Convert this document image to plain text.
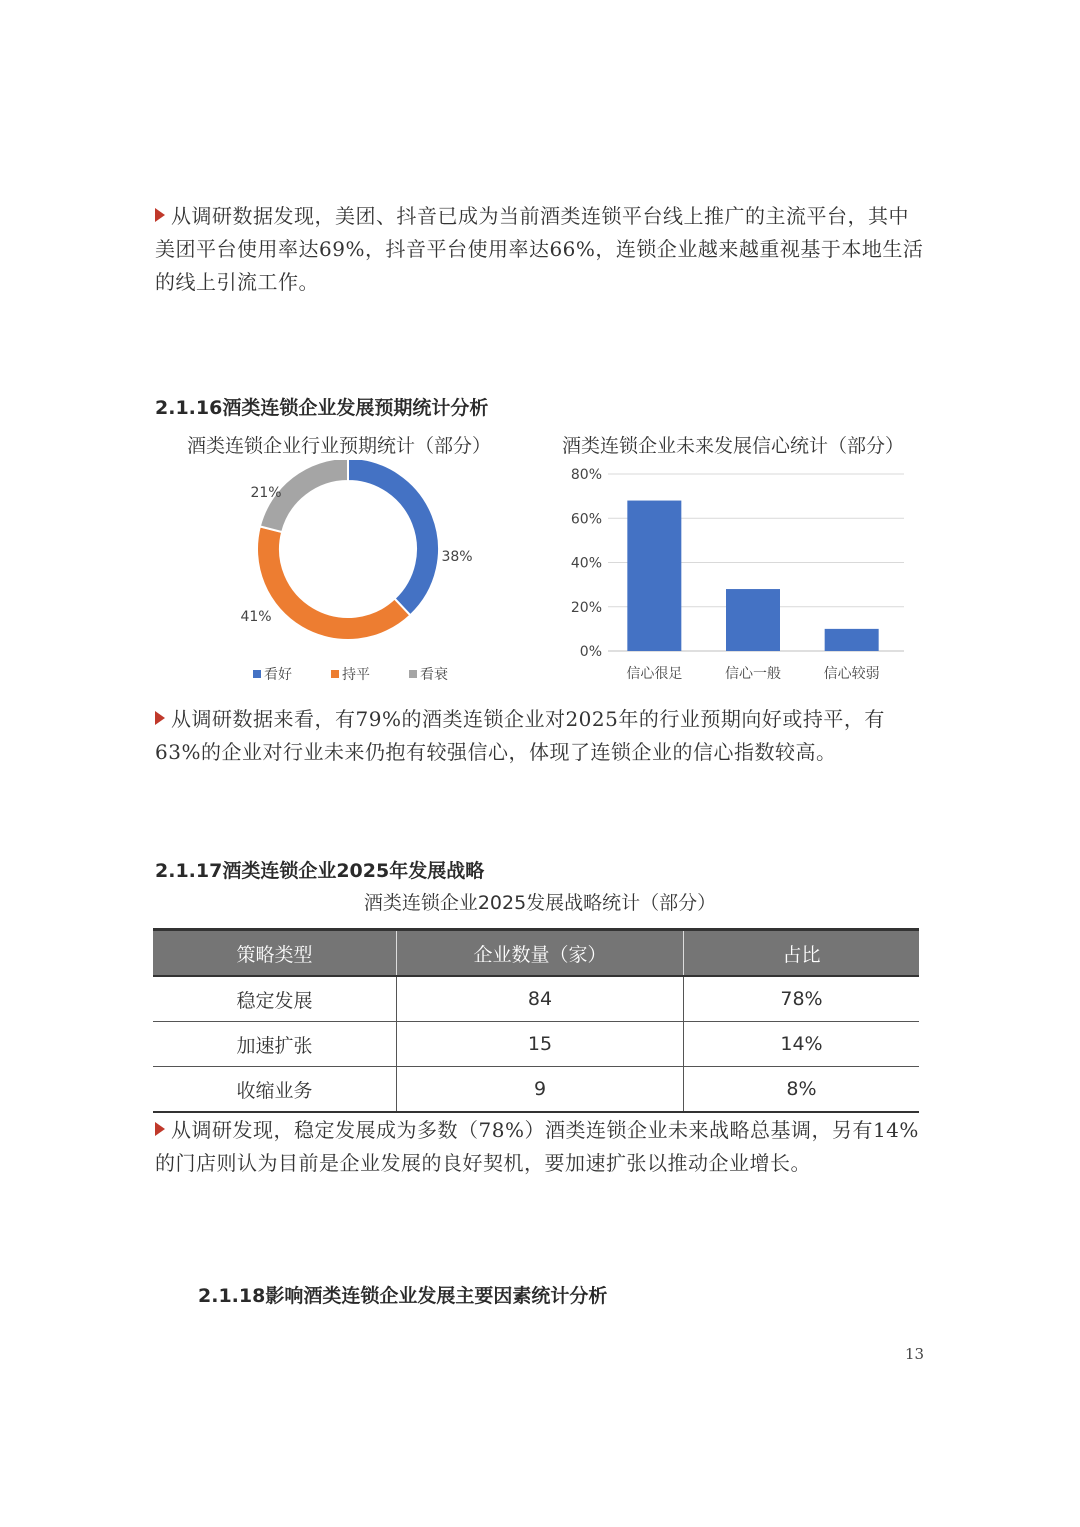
从调研数据发现，美团、抖音已成为当前酒类连锁平台线上推广的主流平台，其中美团平台使用率达69%，抖音平台使用率达66%，连锁企业越来越重视基于本地生活的线上引流工作。

2.1.16酒类连锁企业发展预期统计分析
酒类连锁企业行业预期统计（部分）
38%
41%
21%
看好	持平	看衰
酒类连锁企业未来发展信心统计（部分）
0%
20%
40%
60%
80%
信心很足	信心一般	信心较弱

从调研数据来看，有79%的酒类连锁企业对2025年的行业预期向好或持平，有63%的企业对行业未来仍抱有较强信心，体现了连锁企业的信心指数较高。

2.1.17酒类连锁企业2025年发展战略
酒类连锁企业2025发展战略统计（部分）
策略类型	企业数量（家）	占比
稳定发展	84	78%
加速扩张	15	14%
收缩业务	9	8%

从调研发现，稳定发展成为多数（78%）酒类连锁企业未来战略总基调，另有14%的门店则认为目前是企业发展的良好契机，要加速扩张以推动企业增长。

2.1.18影响酒类连锁企业发展主要因素统计分析
13
